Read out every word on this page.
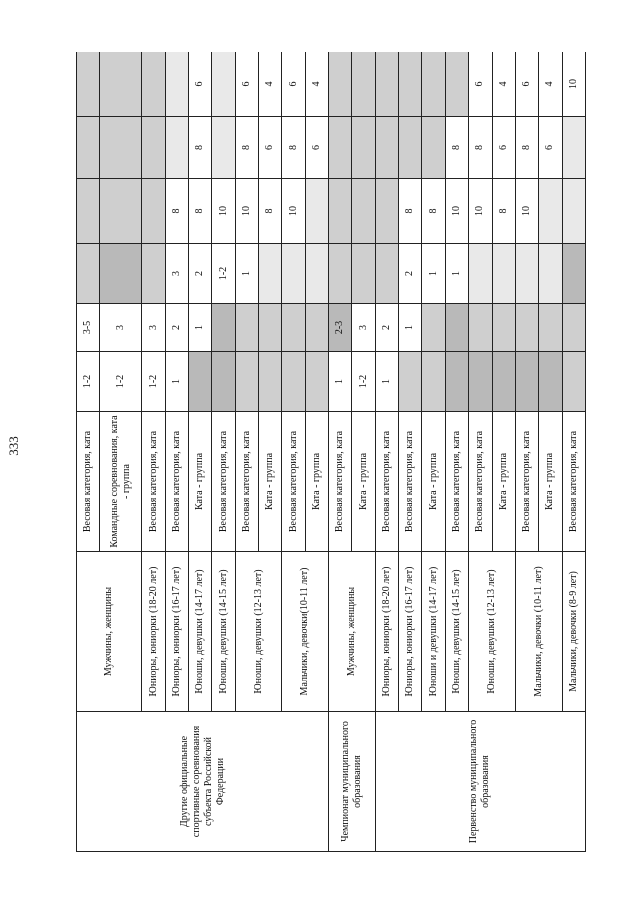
333
Другие официальные спортивные соревнования субъекта Российской Федерации	Мужчины, женщины	Весовая категория, ката	1-2	3-5				
		Командные соревнования, ката - группа	1-2	3				
	Юниоры, юниорки (18-20 лет)	Весовая категория, ката	1-2	3				
	Юниоры, юниорки (16-17 лет)	Весовая категория, ката	1	2	3	8		
	Юноши, девушки (14-17 лет)	Ката - группа		1	2	8	8	6
	Юноши, девушки (14-15 лет)	Весовая категория, ката			1-2	10		
	Юноши, девушки (12-13 лет)	Весовая категория, ката			1	10	8	6
		Ката - группа				8	6	4
	Мальчики, девочки(10-11 лет)	Весовая категория, ката				10	8	6
		Ката - группа					6	4
Чемпионат муниципального образования	Мужчины, женщины	Весовая категория, ката	1	2-3				
		Ката - группа	1-2	3				
Первенство муниципального образования	Юниоры, юниорки (18-20 лет)	Весовая категория, ката	1	2				
	Юниоры, юниорки (16-17 лет)	Весовая категория, ката		1	2	8		
	Юноши и девушки (14-17 лет)	Ката - группа			1	8		
	Юноши, девушки (14-15 лет)	Весовая категория, ката			1	10	8	
	Юноши, девушки (12-13 лет)	Весовая категория, ката				10	8	6
		Ката - группа				8	6	4
	Мальчики, девочки (10-11 лет)	Весовая категория, ката				10	8	6
		Ката - группа					6	4
	Мальчики, девочки (8-9 лет)	Весовая категория, ката						10
